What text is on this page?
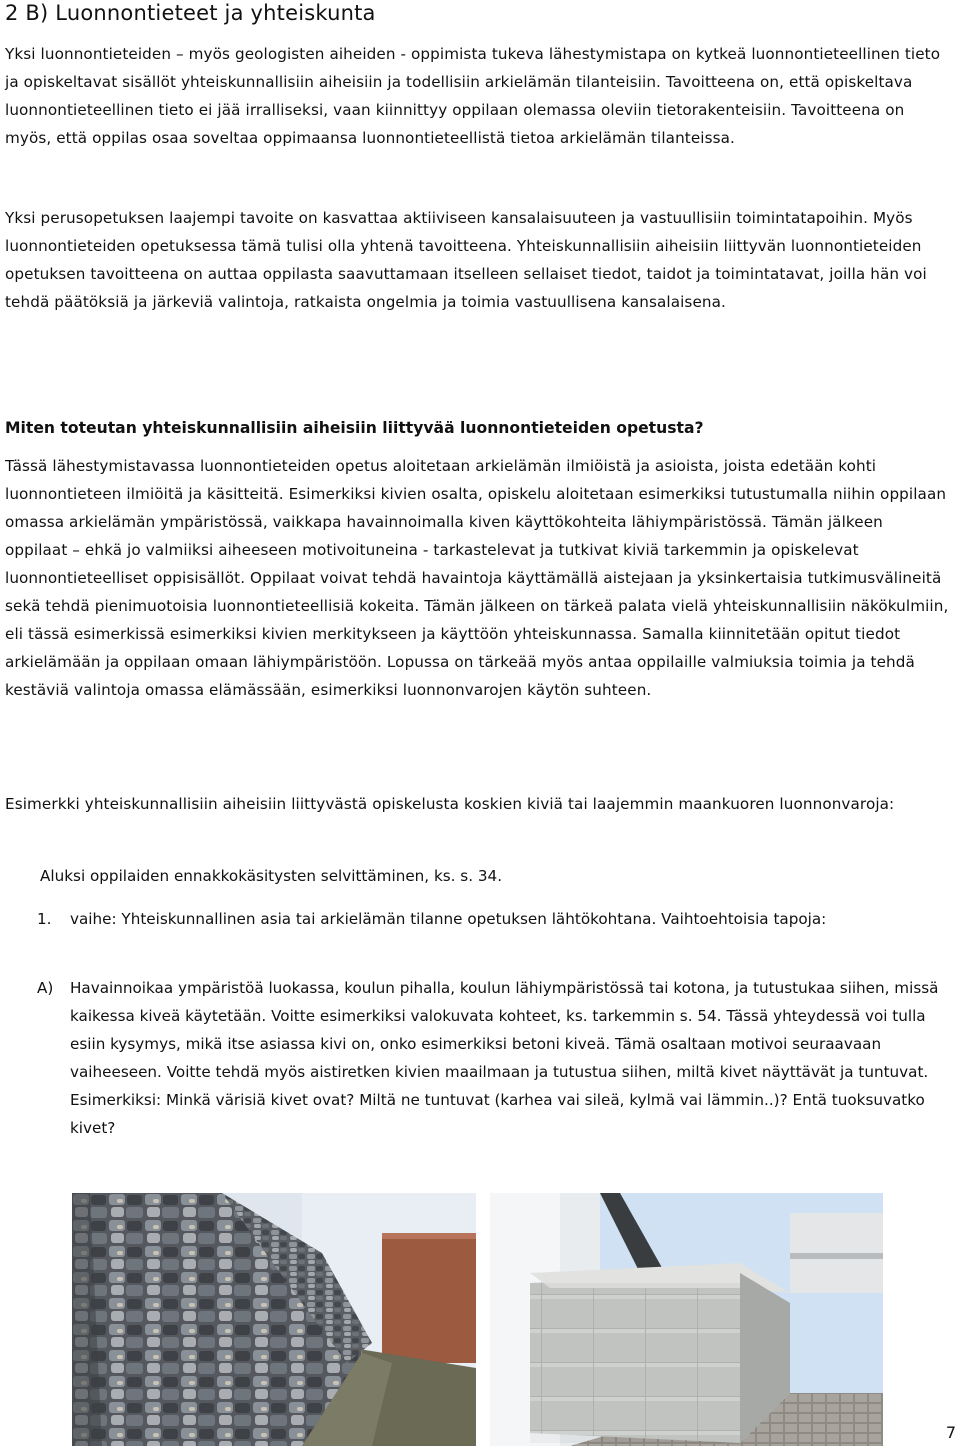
2 B) Luonnontieteet ja yhteiskunta

Yksi luonnontieteiden – myös geologisten aiheiden - oppimista tukeva lähestymistapa on kytkeä luonnontieteellinen tieto ja opiskeltavat sisällöt yhteiskunnallisiin aiheisiin ja todellisiin arkielämän tilanteisiin. Tavoitteena on, että opiskeltava luonnontieteellinen tieto ei jää irralliseksi, vaan kiinnittyy oppilaan olemassa oleviin tietorakenteisiin. Tavoitteena on myös, että oppilas osaa soveltaa oppimaansa luonnontieteellistä tietoa arkielämän tilanteissa.

Yksi perusopetuksen laajempi tavoite on kasvattaa aktiiviseen kansalaisuuteen ja vastuullisiin toimintatapoihin. Myös luonnontieteiden opetuksessa tämä tulisi olla yhtenä tavoitteena. Yhteiskunnallisiin aiheisiin liittyvän luonnontieteiden opetuksen tavoitteena on auttaa oppilasta saavuttamaan itselleen sellaiset tiedot, taidot ja toimintatavat, joilla hän voi tehdä päätöksiä ja järkeviä valintoja, ratkaista ongelmia ja toimia vastuullisena kansalaisena.

Miten toteutan yhteiskunnallisiin aiheisiin liittyvää luonnontieteiden opetusta?

Tässä lähestymistavassa luonnontieteiden opetus aloitetaan arkielämän ilmiöistä ja asioista, joista edetään kohti luonnontieteen ilmiöitä ja käsitteitä. Esimerkiksi kivien osalta, opiskelu aloitetaan esimerkiksi tutustumalla niihin oppilaan omassa arkielämän ympäristössä, vaikkapa havainnoimalla kiven käyttökohteita lähiympäristössä. Tämän jälkeen oppilaat – ehkä jo valmiiksi aiheeseen motivoituneina - tarkastelevat ja tutkivat kiviä tarkemmin ja opiskelevat luonnontieteelliset oppisisällöt. Oppilaat voivat tehdä havaintoja käyttämällä aistejaan ja yksinkertaisia tutkimusvälineitä sekä tehdä pienimuotoisia luonnontieteellisiä kokeita. Tämän jälkeen on tärkeä palata vielä yhteiskunnallisiin näkökulmiin, eli tässä esimerkissä esimerkiksi kivien merkitykseen ja käyttöön yhteiskunnassa. Samalla kiinnitetään opitut tiedot arkielämään ja oppilaan omaan lähiympäristöön. Lopussa on tärkeää myös antaa oppilaille valmiuksia toimia ja tehdä kestäviä valintoja omassa elämässään, esimerkiksi luonnonvarojen käytön suhteen.

Esimerkki yhteiskunnallisiin aiheisiin liittyvästä opiskelusta koskien kiviä tai laajemmin maankuoren luonnonvaroja:

Aluksi oppilaiden ennakkokäsitysten selvittäminen, ks. s. 34.

1.	vaihe: Yhteiskunnallinen asia tai arkielämän tilanne opetuksen lähtökohtana. Vaihtoehtoisia tapoja:
A)	Havainnoikaa ympäristöä luokassa, koulun pihalla, koulun lähiympäristössä tai kotona, ja tutustukaa siihen, missä kaikessa kiveä käytetään. Voitte esimerkiksi valokuvata kohteet, ks. tarkemmin s. 54. Tässä yhteydessä voi tulla esiin kysymys, mikä itse asiassa kivi on, onko esimerkiksi betoni kiveä. Tämä osaltaan motivoi seuraavaan vaiheeseen. Voitte tehdä myös aistiretken kivien maailmaan ja tutustua siihen, miltä kivet näyttävät ja tuntuvat. Esimerkiksi: Minkä värisiä kivet ovat? Miltä ne tuntuvat (karhea vai sileä, kylmä vai lämmin..)? Entä tuoksuvatko kivet?
7
